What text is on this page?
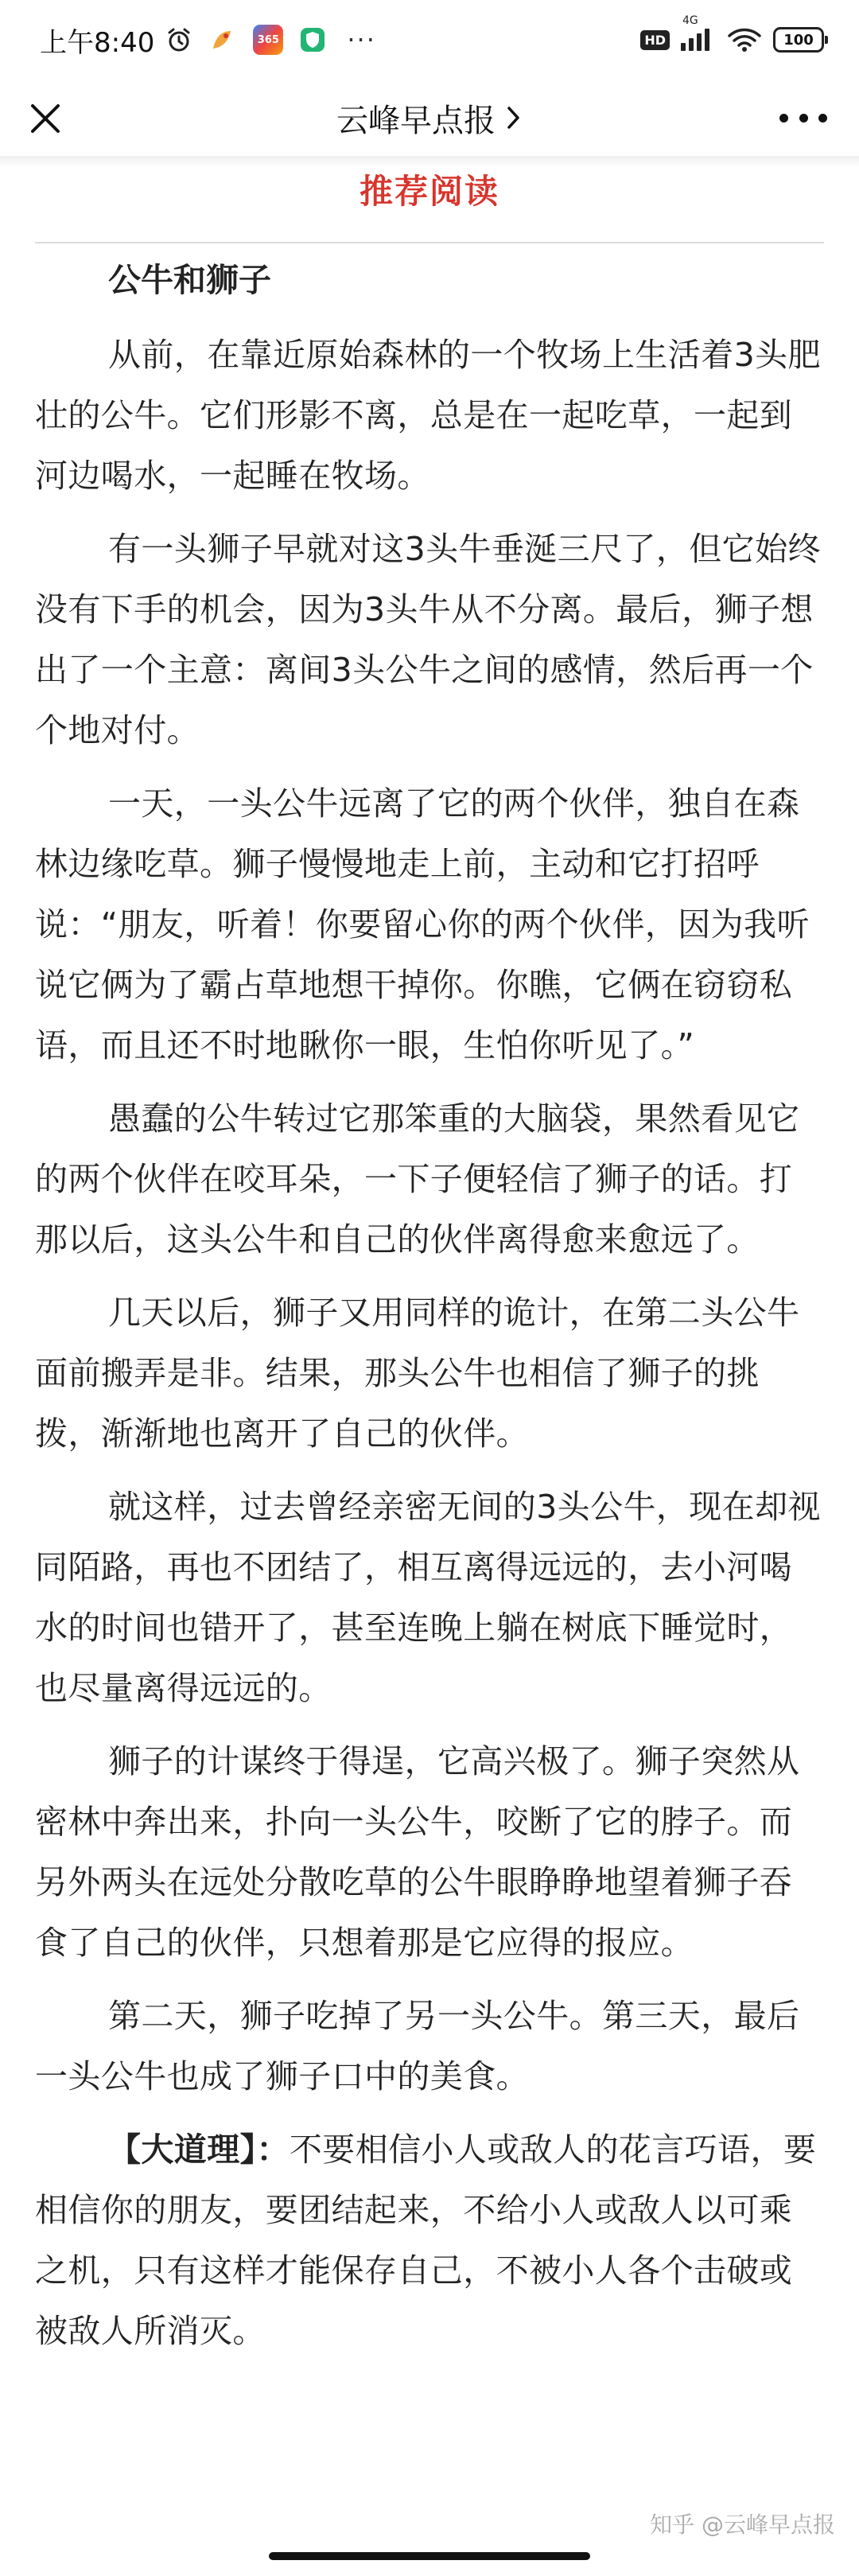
上午8:40	365	···	HD
4G
100
云峰早点报
推荐阅读

公牛和狮子

从前，在靠近原始森林的一个牧场上生活着3头肥壮的公牛。它们形影不离，总是在一起吃草，一起到河边喝水，一起睡在牧场。

有一头狮子早就对这3头牛垂涎三尺了，但它始终没有下手的机会，因为3头牛从不分离。最后，狮子想出了一个主意：离间3头公牛之间的感情，然后再一个个地对付。

一天，一头公牛远离了它的两个伙伴，独自在森林边缘吃草。狮子慢慢地走上前，主动和它打招呼说：“朋友，听着！你要留心你的两个伙伴，因为我听说它俩为了霸占草地想干掉你。你瞧，它俩在窃窃私语，而且还不时地瞅你一眼，生怕你听见了。”

愚蠢的公牛转过它那笨重的大脑袋，果然看见它的两个伙伴在咬耳朵，一下子便轻信了狮子的话。打那以后，这头公牛和自己的伙伴离得愈来愈远了。

几天以后，狮子又用同样的诡计，在第二头公牛面前搬弄是非。结果，那头公牛也相信了狮子的挑拨，渐渐地也离开了自己的伙伴。

就这样，过去曾经亲密无间的3头公牛，现在却视同陌路，再也不团结了，相互离得远远的，去小河喝水的时间也错开了，甚至连晚上躺在树底下睡觉时，也尽量离得远远的。

狮子的计谋终于得逞，它高兴极了。狮子突然从密林中奔出来，扑向一头公牛，咬断了它的脖子。而另外两头在远处分散吃草的公牛眼睁睁地望着狮子吞食了自己的伙伴，只想着那是它应得的报应。

第二天，狮子吃掉了另一头公牛。第三天，最后一头公牛也成了狮子口中的美食。

【大道理】：不要相信小人或敌人的花言巧语，要相信你的朋友，要团结起来，不给小人或敌人以可乘之机，只有这样才能保存自己，不被小人各个击破或被敌人所消灭。

知乎 @云峰早点报
